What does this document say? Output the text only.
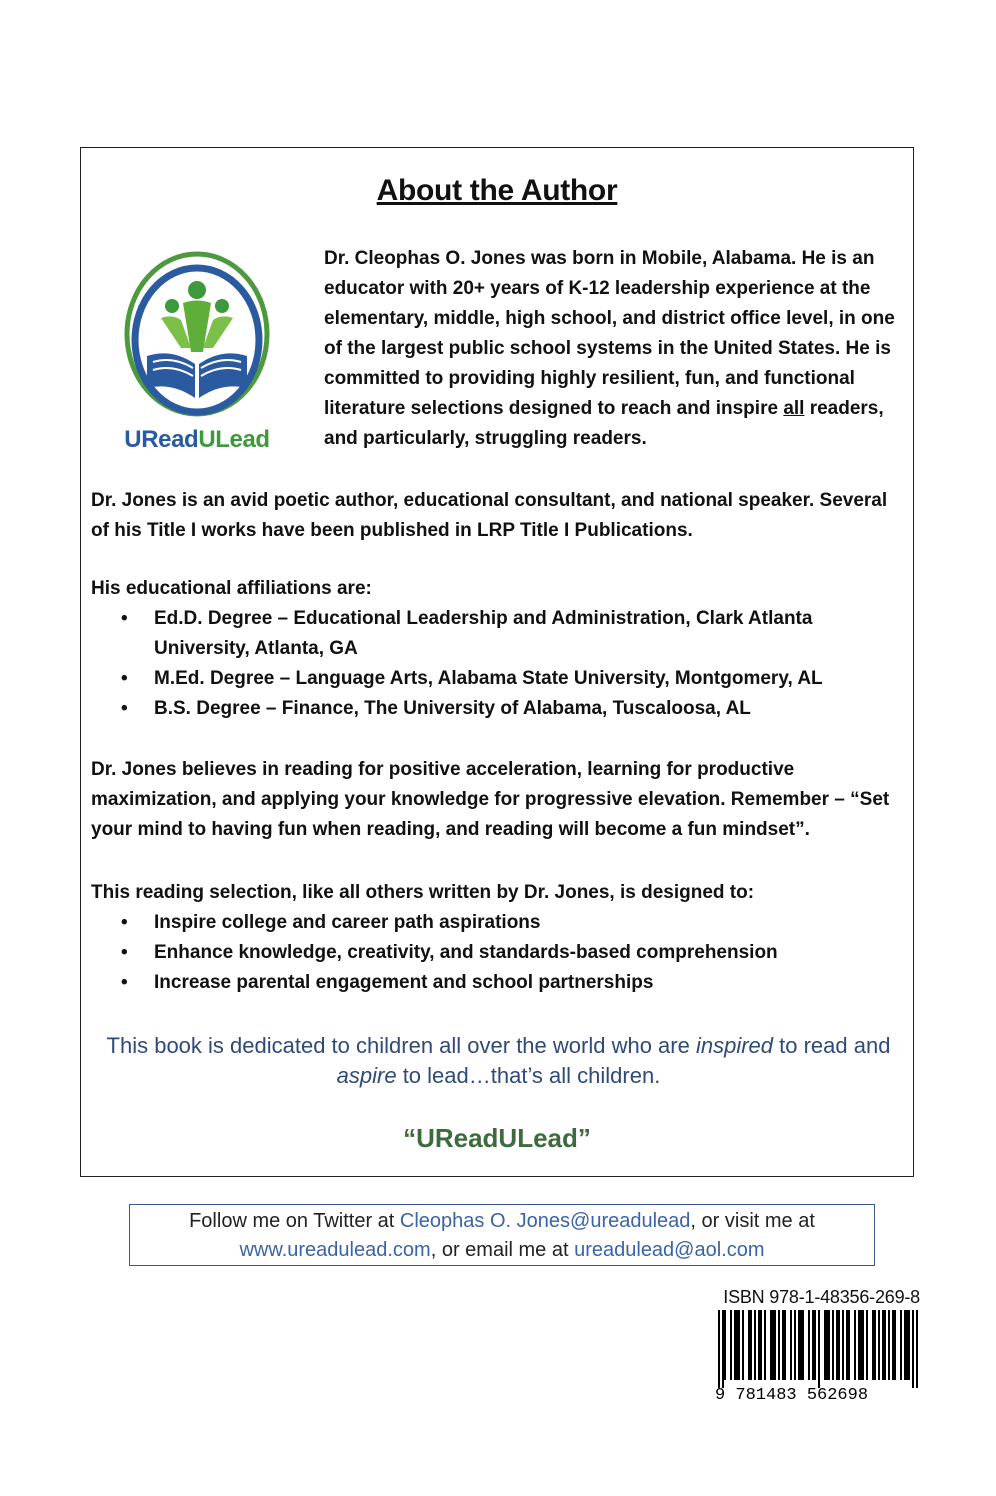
About the Author
UReadULead
Dr. Cleophas O. Jones was born in Mobile, Alabama. He is an educator with 20+ years of K-12 leadership experience at the elementary, middle, high school, and district office level, in one of the largest public school systems in the United States. He is committed to providing highly resilient, fun, and functional literature selections designed to reach and inspire all readers, and particularly, struggling readers.
Dr. Jones is an avid poetic author, educational consultant, and national speaker. Several of his Title I works have been published in LRP Title I Publications.
His educational affiliations are:
• Ed.D. Degree – Educational Leadership and Administration, Clark Atlanta University, Atlanta, GA
• M.Ed. Degree – Language Arts, Alabama State University, Montgomery, AL
• B.S. Degree – Finance, The University of Alabama, Tuscaloosa, AL
Dr. Jones believes in reading for positive acceleration, learning for productive maximization, and applying your knowledge for progressive elevation. Remember – “Set your mind to having fun when reading, and reading will become a fun mindset”.
This reading selection, like all others written by Dr. Jones, is designed to:
• Inspire college and career path aspirations
• Enhance knowledge, creativity, and standards-based comprehension
• Increase parental engagement and school partnerships
This book is dedicated to children all over the world who are inspired to read and
aspire to lead…that’s all children.
“UReadULead”
Follow me on Twitter at Cleophas O. Jones@ureadulead, or visit me at
www.ureadulead.com, or email me at ureadulead@aol.com
ISBN 978-1-48356-269-8
9 781483 562698
